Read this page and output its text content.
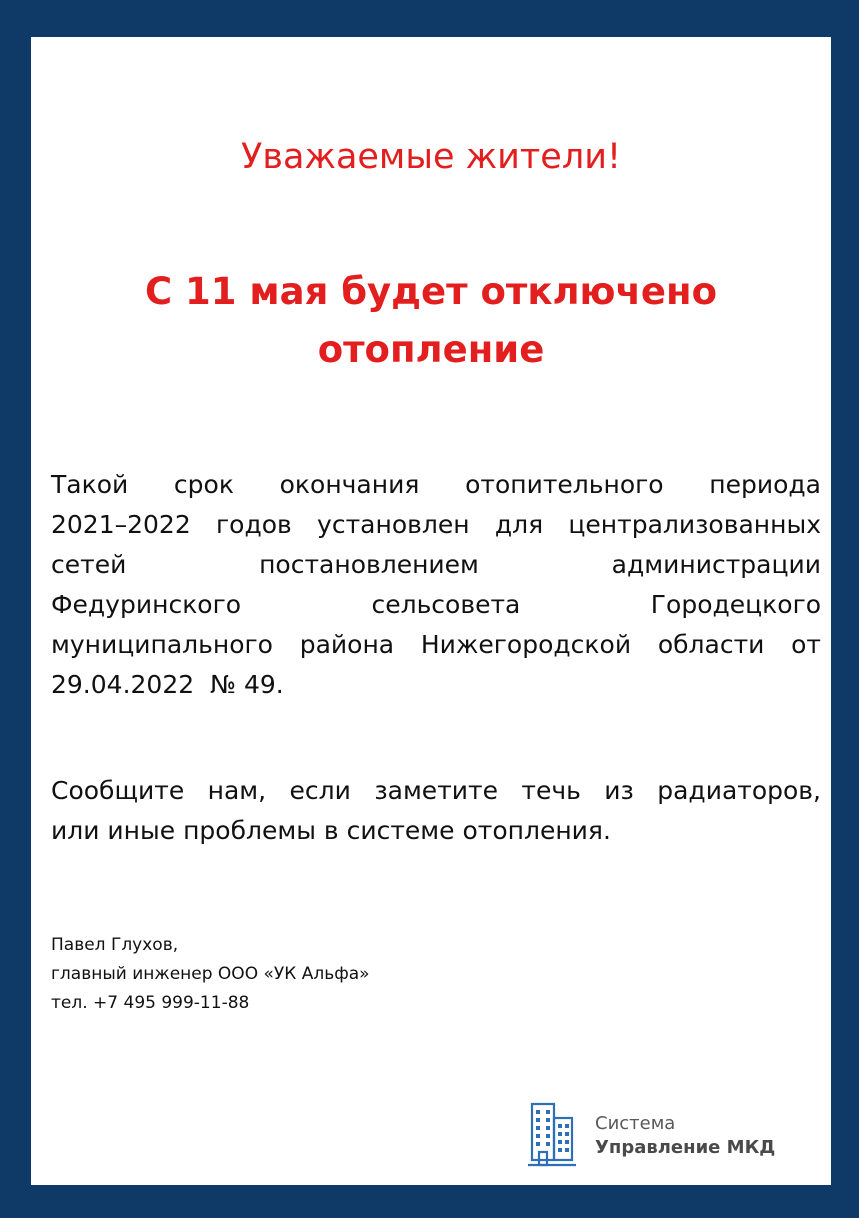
Уважаемые жители!
С 11 мая будет отключено
отопление
Такой срок окончания отопительного периода
2021–2022 годов установлен для централизованных
сетей постановлением администрации
Федуринского сельсовета Городецкого
муниципального района Нижегородской области от
29.04.2022  № 49.
Сообщите нам, если заметите течь из радиаторов,
или иные проблемы в системе отопления.
Павел Глухов,
главный инженер ООО «УК Альфа»
тел. +7 495 999-11-88
Система
Управление МКД
